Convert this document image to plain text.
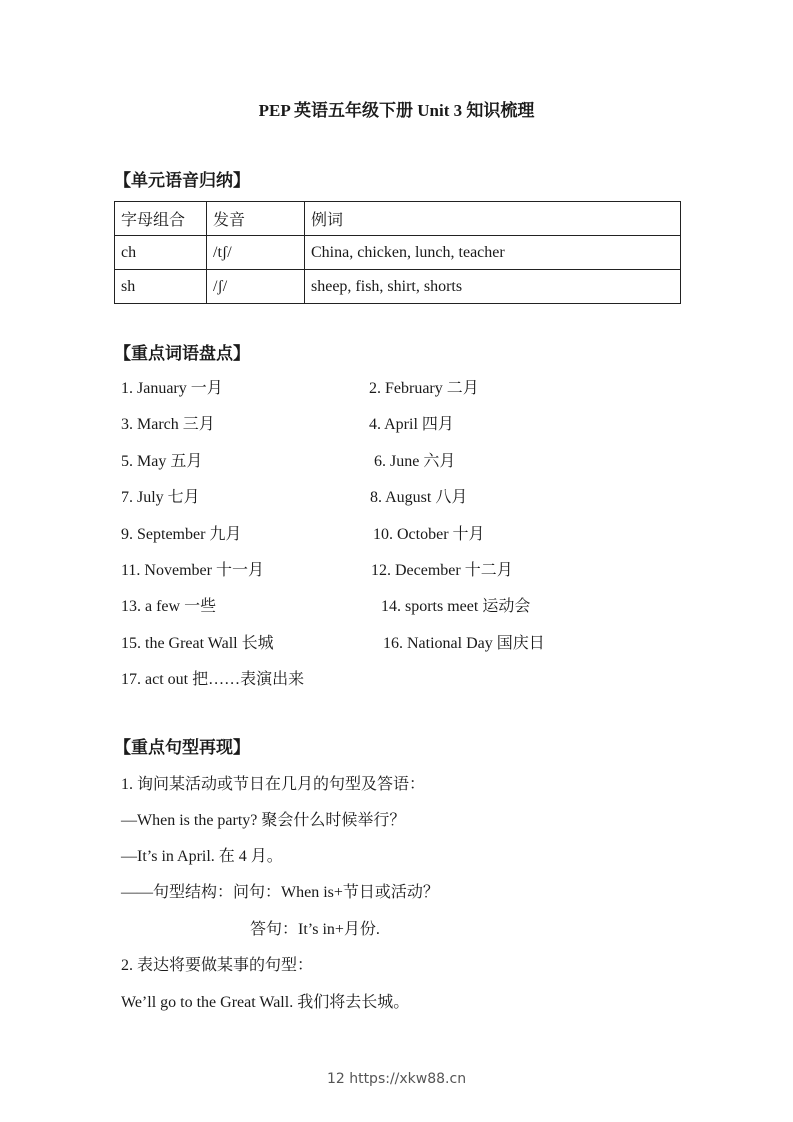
PEP 英语五年级下册 Unit 3 知识梳理
【单元语音归纳】
字母组合	发音	例词
ch	/tʃ/	China, chicken, lunch, teacher
sh	/ʃ/	sheep, fish, shirt, shorts
【重点词语盘点】
1. January 一月	2. February 二月
3. March 三月	4. April 四月
5. May 五月	6. June 六月
7. July 七月	8. August 八月
9. September 九月	10. October 十月
11. November 十一月	12. December 十二月
13. a few 一些	14. sports meet 运动会
15. the Great Wall 长城	16. National Day 国庆日
17. act out 把……表演出来
【重点句型再现】
1. 询问某活动或节日在几月的句型及答语：
—When is the party? 聚会什么时候举行？
—It’s in April. 在 4 月。
——句型结构：问句：When is+节日或活动？
答句：It’s in+月份.
2. 表达将要做某事的句型：
We’ll go to the Great Wall. 我们将去长城。
12 https://xkw88.cn
